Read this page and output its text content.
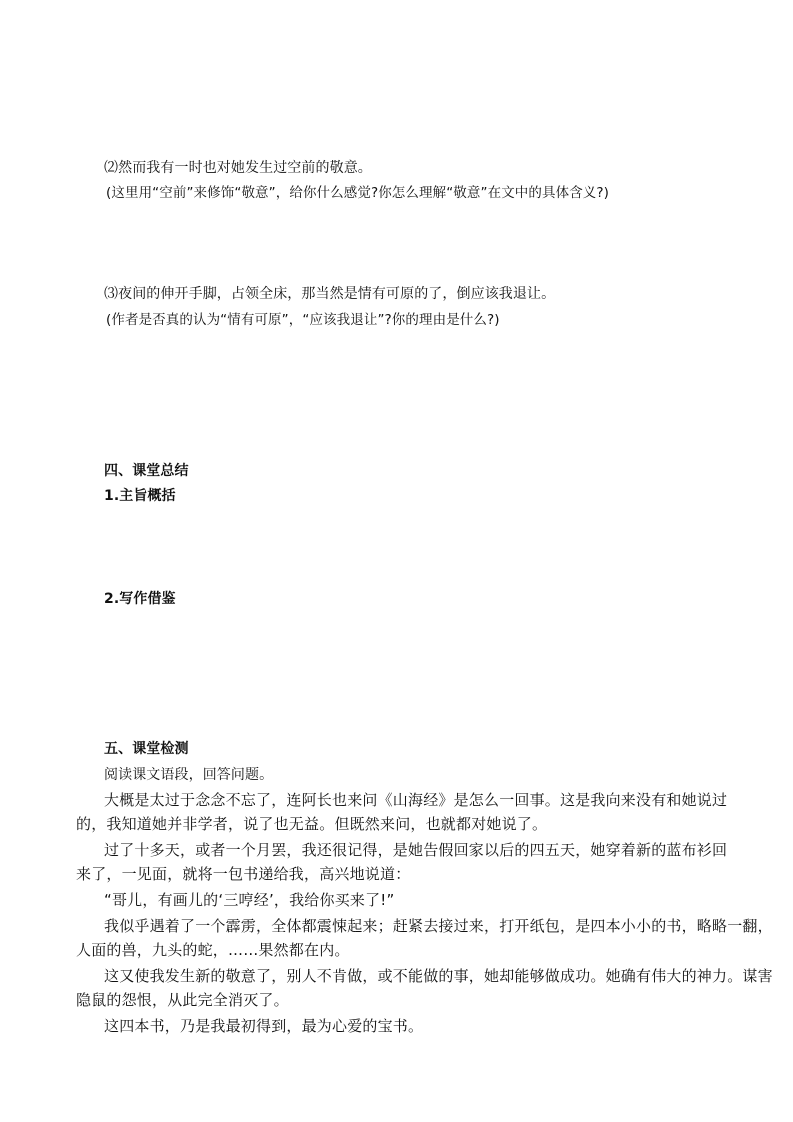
⑵然而我有一时也对她发生过空前的敬意。
(这里用“空前”来修饰“敬意”，给你什么感觉?你怎么理解“敬意”在文中的具体含义?)
⑶夜间的伸开手脚，占领全床，那当然是情有可原的了，倒应该我退让。
(作者是否真的认为“情有可原”，“应该我退让”?你的理由是什么?)
四、课堂总结
1.主旨概括
2.写作借鉴
五、课堂检测
阅读课文语段，回答问题。
大概是太过于念念不忘了，连阿长也来问《山海经》是怎么一回事。这是我向来没有和她说过
的，我知道她并非学者，说了也无益。但既然来问，也就都对她说了。
过了十多天，或者一个月罢，我还很记得，是她告假回家以后的四五天，她穿着新的蓝布衫回
来了，一见面，就将一包书递给我，高兴地说道：
“哥儿，有画儿的‘三哼经’，我给你买来了!”
我似乎遇着了一个霹雳，全体都震悚起来；赶紧去接过来，打开纸包，是四本小小的书，略略一翻，
人面的兽，九头的蛇，……果然都在内。
这又使我发生新的敬意了，别人不肯做，或不能做的事，她却能够做成功。她确有伟大的神力。谋害
隐鼠的怨恨，从此完全消灭了。
这四本书，乃是我最初得到，最为心爱的宝书。
